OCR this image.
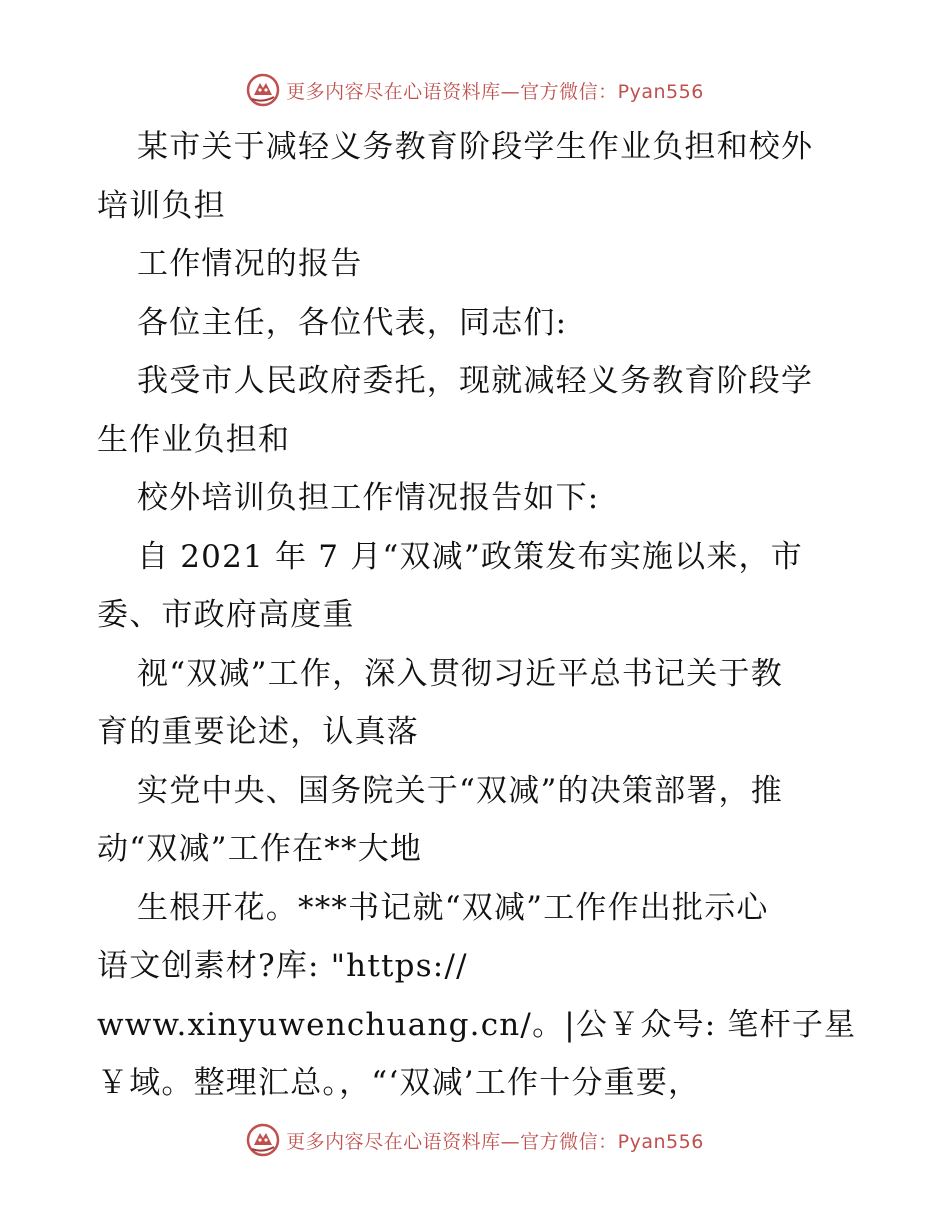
更多内容尽在心语资料库—官方微信：Pyan556
某市关于减轻义务教育阶段学生作业负担和校外
培训负担
工作情况的报告
各位主任，各位代表，同志们:
我受市人民政府委托，现就减轻义务教育阶段学
生作业负担和
校外培训负担工作情况报告如下:
自 2021 年 7 月“双减”政策发布实施以来，市
委、市政府高度重
视“双减”工作，深入贯彻习近平总书记关于教
育的重要论述，认真落
实党中央、国务院关于“双减”的决策部署，推
动“双减”工作在**大地
生根开花。***书记就“双减”工作作出批示心
语文创素材?库: "https://
www.xinyuwenchuang.cn/。|公￥众号: 笔杆子星
￥域。整理汇总。，“‘双减’工作十分重要，
更多内容尽在心语资料库—官方微信：Pyan556
